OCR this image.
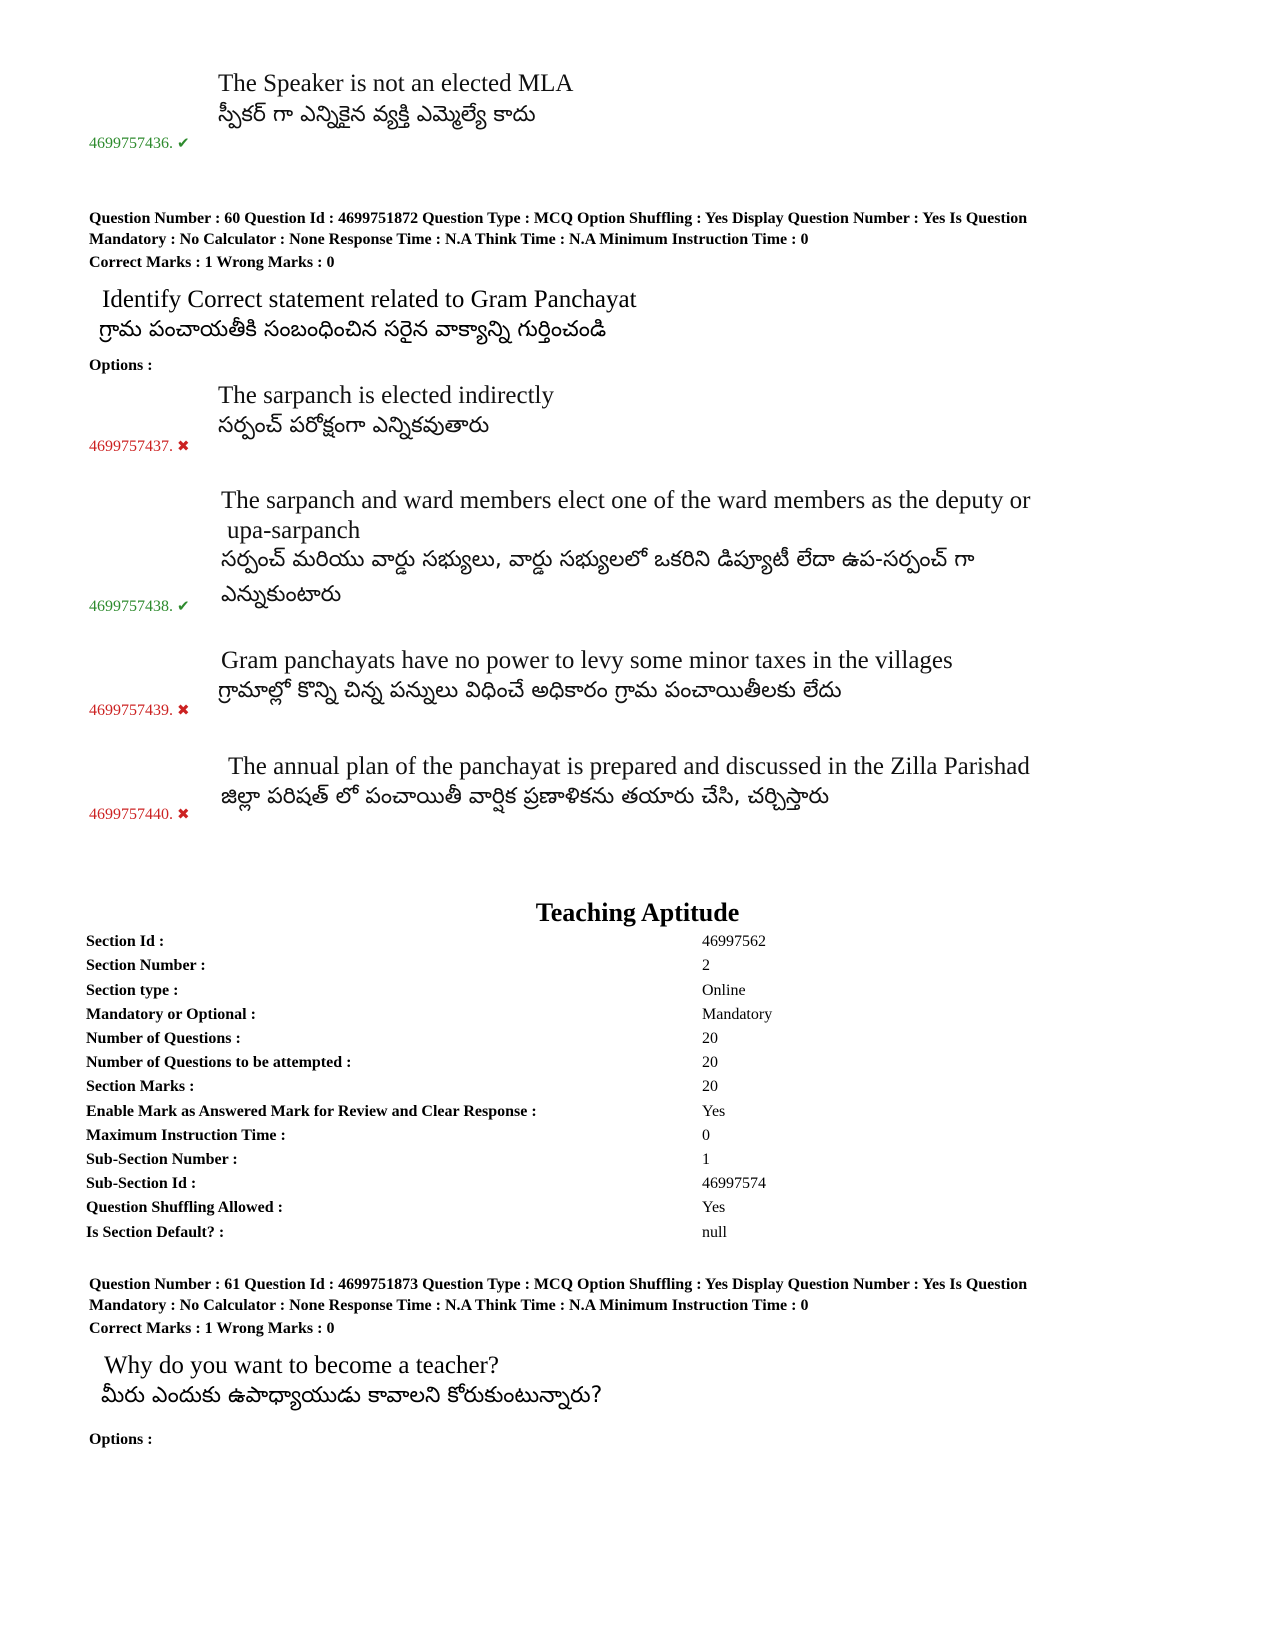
The Speaker is not an elected MLA
స్పీకర్ గా ఎన్నికైన వ్యక్తి ఎమ్మెల్యే కాదు
4699757436. ✔
Question Number : 60 Question Id : 4699751872 Question Type : MCQ Option Shuffling : Yes Display Question Number : Yes Is Question
Mandatory : No Calculator : None Response Time : N.A Think Time : N.A Minimum Instruction Time : 0
Correct Marks : 1 Wrong Marks : 0
Identify Correct statement related to Gram Panchayat
గ్రామ పంచాయతీకి సంబంధించిన సరైన వాక్యాన్ని గుర్తించండి
Options :
The sarpanch is elected indirectly
సర్పంచ్ పరోక్షంగా ఎన్నికవుతారు
4699757437. ✖
The sarpanch and ward members elect one of the ward members as the deputy or
upa-sarpanch
సర్పంచ్ మరియు వార్డు సభ్యులు, వార్డు సభ్యులలో ఒకరిని డిప్యూటీ లేదా ఉప-సర్పంచ్ గా
ఎన్నుకుంటారు
4699757438. ✔
Gram panchayats have no power to levy some minor taxes in the villages
గ్రామాల్లో కొన్ని చిన్న పన్నులు విధించే అధికారం గ్రామ పంచాయితీలకు లేదు
4699757439. ✖
The annual plan of the panchayat is prepared and discussed in the Zilla Parishad
జిల్లా పరిషత్ లో పంచాయితీ వార్షిక ప్రణాళికను తయారు చేసి, చర్చిస్తారు
4699757440. ✖
Teaching Aptitude
Section Id :	46997562
Section Number :	2
Section type :	Online
Mandatory or Optional :	Mandatory
Number of Questions :	20
Number of Questions to be attempted :	20
Section Marks :	20
Enable Mark as Answered Mark for Review and Clear Response :	Yes
Maximum Instruction Time :	0
Sub-Section Number :	1
Sub-Section Id :	46997574
Question Shuffling Allowed :	Yes
Is Section Default? :	null
Question Number : 61 Question Id : 4699751873 Question Type : MCQ Option Shuffling : Yes Display Question Number : Yes Is Question
Mandatory : No Calculator : None Response Time : N.A Think Time : N.A Minimum Instruction Time : 0
Correct Marks : 1 Wrong Marks : 0
Why do you want to become a teacher?
మీరు ఎందుకు ఉపాధ్యాయుడు కావాలని కోరుకుంటున్నారు?
Options :
